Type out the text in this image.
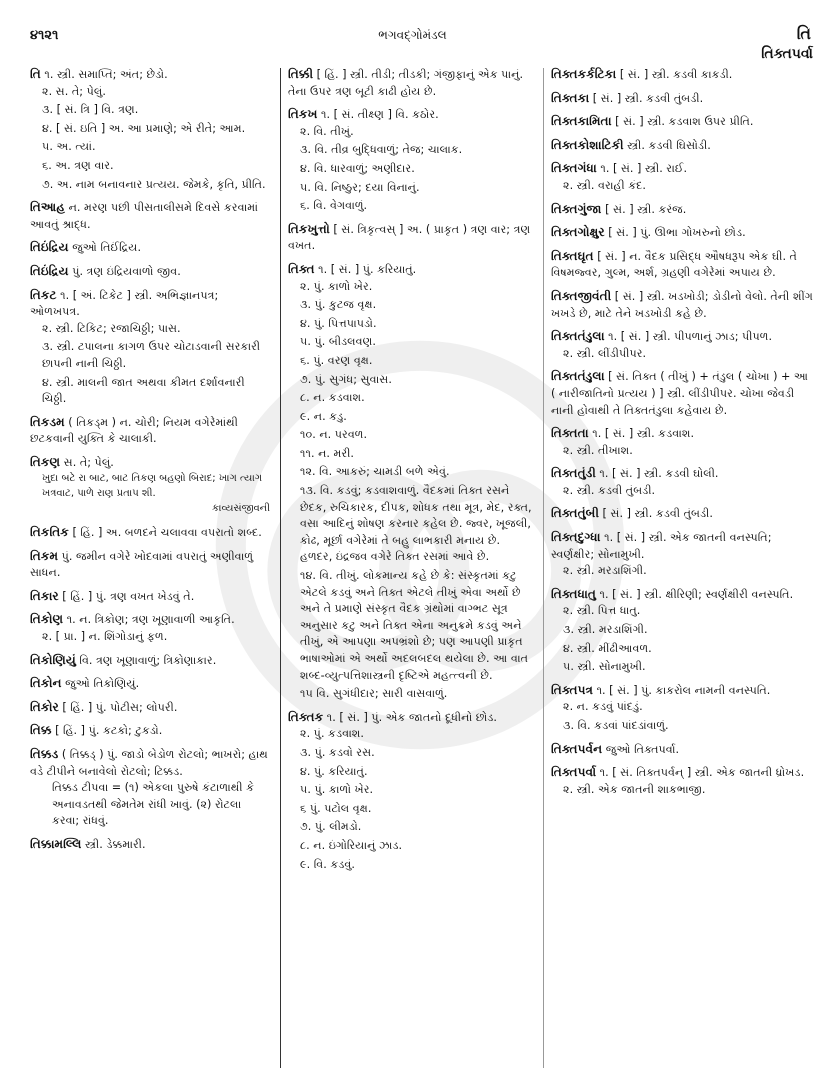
૪૧૨૧	ભગવદ્ગોમંડલ	તિ
તિક્તપર્વા
તિ ૧. સ્ત્રી. સમાપ્તિ; અંત; છેડો.
૨. સ. તે; પેલું.
૩. [ સં. ત્રિ ] વિ. ત્રણ.
૪. [ સં. ઇતિ ] અ. આ પ્રમાણે; એ રીતે; આમ.
૫. અ. ત્યાં.
૬. અ. ત્રણ વાર.
૭. અ. નામ બનાવનાર પ્રત્યય. જેમકે, કૃતિ, પ્રીતિ.
તિઆહ ન. મરણ પછી પીસતાલીસમે દિવસે કરવામાં આવતું શ્રાદ્ધ.
તિઇંદ્રિય જુઓ તિઈંદ્રિય.
તિઇંદ્રિય પું. ત્રણ ઇંદ્રિયવાળો જીવ.
તિકટ ૧. [ અં. ટિકેટ ] સ્ત્રી. અભિજ્ઞાનપત્ર; ઓળખપત્ર.
૨. સ્ત્રી. ટિકિટ; રજાચિઠ્ઠી; પાસ.
૩. સ્ત્રી. ટપાલના કાગળ ઉપર ચોટાડવાની સરકારી છાપની નાની ચિઠ્ઠી.
૪. સ્ત્રી. માલની જાત અથવા કીમત દર્શાવનારી ચિઠ્ઠી.
તિકડમ ( તિકડ્મ ) ન. ચોરી; નિયમ વગેરેમાંથી છટકવાની યુક્તિ કે ચાલાકી.
તિકણ સ. તે; પેલું.
ખુદા બટે રા બાટ, બાટ તિકણ બહણો બિરાદ; ખાગ ત્યાગ ખત્રવાટ, પાળે રાણ પ્રતાપ શી.
કાવ્યસંજીવની
તિકતિક [ હિં. ] અ. બળદને ચલાવવા વપરાતો શબ્દ.
તિકમ પું. જમીન વગેરે ખોદવામાં વપરાતું અણીવાળું સાધન.
તિકાર [ હિં. ] પું. ત્રણ વખત ખેડવું તે.
તિકોણ ૧. ન. ત્રિકોણ; ત્રણ ખૂણાવાળી આકૃતિ.
૨. [ પ્રા. ] ન. શિંગોડાનું ફળ.
તિકોણિયું વિ. ત્રણ ખૂણાવાળું; ત્રિકોણાકાર.
તિકોન જુઓ તિકોણિયું.
તિકોર [ હિં. ] પું. પોટીસ; લોપરી.
તિક્ક [ હિં. ] પું. કટકો; ટુકડો.
તિક્કડ ( તિક્કડ્ ) પું. જાડો બેડોળ રોટલો; ભાખરો; હાથ વડે ટીપીને બનાવેલો રોટલો; ટિક્કડ.
તિક્કડ ટીપવા = (૧) એકલા પુરુષે કંટાળાથી કે અનાવડતથી જેમતેમ રાંધી ખાવું. (૨) રોટલા કરવા; રાંધવું.
તિક્કામલ્લિ સ્ત્રી. ડેક્કમારી.
તિક્કી [ હિં. ] સ્ત્રી. તીડી; તીડકી; ગંજીફાનું એક પાનું. તેના ઉપર ત્રણ બૂટી કાઢી હોય છે.
તિકખ ૧. [ સં. તીક્ષ્ણ ] વિ. કઠોર.
૨. વિ. તીખું.
૩. વિ. તીવ્ર બુદ્ધિવાળું; તેજ; ચાલાક.
૪. વિ. ધારવાળું; અણીદાર.
૫. વિ. નિષ્ઠુર; દયા વિનાનું.
૬. વિ. વેગવાળું.
તિકખુત્તો [ સં. ત્રિકૃત્વસ્ ] અ. ( પ્રાકૃત ) ત્રણ વાર; ત્રણ વખત.
તિક્ત ૧. [ સં. ] પું. કરિયાતું.
૨. પું. કાળો ખેર.
૩. પું. કુટજ વૃક્ષ.
૪. પું. પિત્તપાપડો.
૫. પું. બીડલવણ.
૬. પું. વરણ વૃક્ષ.
૭. પું. સુગંધ; સુવાસ.
૮. ન. કડવાશ.
૯. ન. કડુ.
૧૦. ન. પરવળ.
૧૧. ન. મરી.
૧૨. વિ. આકરું; ચામડી બળે એવું.
૧૩. વિ. કડવું; કડવાશવાળું. વૈદકમાં તિક્ત રસને છેદક, રુચિકારક, દીપક, શોધક તથા મૂત્ર, મેદ, રક્ત, વસા આદિનું શોષણ કરનાર કહેલ છે. જ્વર, ખૂજલી, કોઢ, મૂર્છા વગેરેમાં તે બહુ લાભકારી મનાય છે. હળદર, ઇંદ્રજવ વગેરે તિક્ત રસમાં આવે છે.
૧૪. વિ. તીખું. લોકમાન્ય કહે છે કે: સંસ્કૃતમાં કટુ એટલે કડવું અને તિક્ત એટલે તીખું એવા અર્થો છે અને તે પ્રમાણે સંસ્કૃત વૈદક ગ્રંથોમાં વાગ્ભટ સૂત્ર અનુસાર કટુ અને તિક્ત એના અનુક્રમે કડવું અને તીખું, એ આપણા અપભ્રંશો છે; પણ આપણી પ્રાકૃત ભાષાઓમાં એ અર્થો અદલબદલ થયેલા છે. આ વાત શબ્દ-વ્યુત્પત્તિશાસ્ત્રની દૃષ્ટિએ મહત્ત્વની છે.
૧૫ વિ. સુગંધીદાર; સારી વાસવાળું.
તિક્તક ૧. [ સં. ] પું. એક જાતનો દૂધીનો છોડ.
૨. પું. કડવાશ.
૩. પું. કડવો રસ.
૪. પું. કરિયાતું.
૫. પું. કાળો ખેર.
૬ પું. પટોલ વૃક્ષ.
૭. પું. લીમડો.
૮. ન. ઇંગોરિયાનું ઝાડ.
૯. વિ. કડવું.
તિક્તકર્કટિકા [ સં. ] સ્ત્રી. કડવી કાકડી.
તિક્તકા [ સં. ] સ્ત્રી. કડવી તુંબડી.
તિક્તકામિતા [ સં. ] સ્ત્રી. કડવાશ ઉપર પ્રીતિ.
તિક્તકોશાટિકી સ્ત્રી. કડવી ઘિસોડી.
તિક્તગંધા ૧. [ સં. ] સ્ત્રી. રાઈ.
૨. સ્ત્રી. વરાહી કંદ.
તિક્તગુંજા [ સં. ] સ્ત્રી. કરંજ.
તિક્તગોક્ષુર [ સં. ] પું. ઊભા ગોખરુનો છોડ.
તિક્તઘૃત [ સં. ] ન. વૈદક પ્રસિદ્ધ ઔષધરૂપ એક ઘી. તે વિષમજ્વર, ગુલ્મ, અર્શ, ગ્રહણી વગેરેમાં અપાય છે.
તિક્તજીવંતી [ સં. ] સ્ત્રી. ખડખોડી; ડોડીનો વેલો. તેની શીંગ ખખડે છે, માટે તેને ખડખોડી કહે છે.
તિક્તતંડુલા ૧. [ સં. ] સ્ત્રી. પીપળાનું ઝાડ; પીપળ.
૨. સ્ત્રી. લીંડીપીપર.
તિક્તતંડુલા [ સં. તિક્ત ( તીખું ) + તંડુલ ( ચોખા ) + આ ( નારીજાતિનો પ્રત્યય ) ] સ્ત્રી. લીંડીપીપર. ચોખા જેવડી નાની હોવાથી તે તિક્તતંડુલા કહેવાય છે.
તિક્તતા ૧. [ સં. ] સ્ત્રી. કડવાશ.
૨. સ્ત્રી. તીખાશ.
તિક્તતુંડી ૧. [ સં. ] સ્ત્રી. કડવી ઘોલી.
૨. સ્ત્રી. કડવી તુંબડી.
તિક્તતુંબી [ સં. ] સ્ત્રી. કડવી તુંબડી.
તિક્તદુગ્ધા ૧. [ સં. ] સ્ત્રી. એક જાતની વનસ્પતિ; સ્વર્ણક્ષીર; સોનામુખી.
૨. સ્ત્રી. મરડાશિંગી.
તિક્તધાતુ ૧. [ સં. ] સ્ત્રી. ક્ષીરિણી; સ્વર્ણક્ષીરી વનસ્પતિ.
૨. સ્ત્રી. પિત્ત ધાતુ.
૩. સ્ત્રી. મરડાશિંગી.
૪. સ્ત્રી. મીંઢીઆવળ.
૫. સ્ત્રી. સોનામુખી.
તિક્તપત્ર ૧. [ સં. ] પું. કાકરોલ નામની વનસ્પતિ.
૨. ન. કડવું પાંદડું.
૩. વિ. કડવાં પાંદડાંવાળું.
તિક્તપર્વન જુઓ તિક્તપર્વા.
તિક્તપર્વા ૧. [ સં. તિક્તપર્વન્ ] સ્ત્રી. એક જાતની ધ્રોખડ.
૨. સ્ત્રી. એક જાતની શાકભાજી.
